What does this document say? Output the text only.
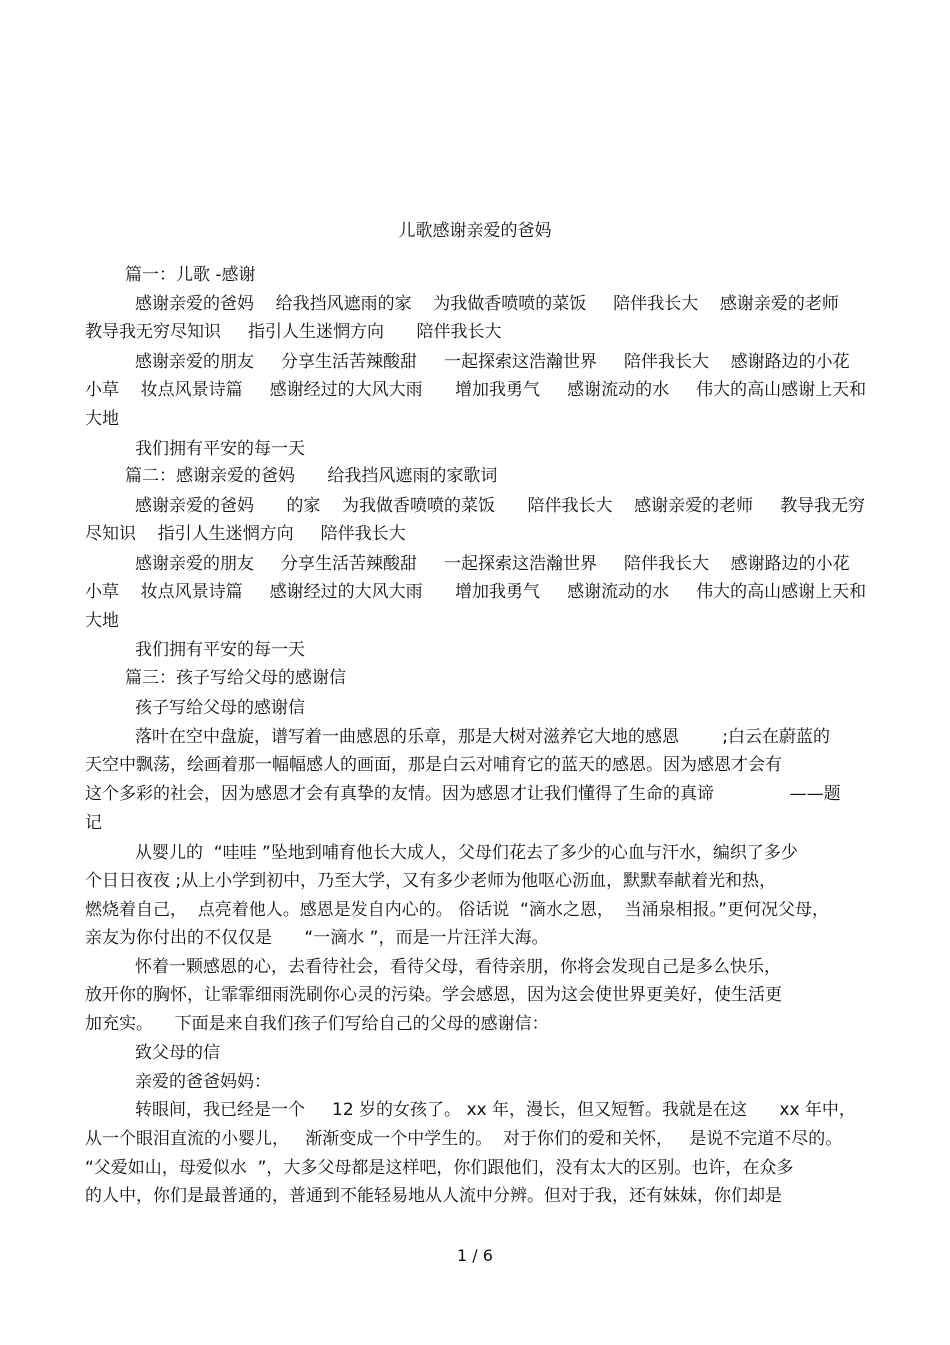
儿歌感谢亲爱的爸妈
篇一：儿歌 -感谢
感谢亲爱的爸妈    给我挡风遮雨的家    为我做香喷喷的菜饭     陪伴我长大    感谢亲爱的老师
教导我无穷尽知识     指引人生迷惘方向      陪伴我长大
感谢亲爱的朋友     分享生活苦辣酸甜     一起探索这浩瀚世界     陪伴我长大    感谢路边的小花
小草    妆点风景诗篇     感谢经过的大风大雨      增加我勇气     感谢流动的水     伟大的高山感谢上天和
大地
我们拥有平安的每一天
篇二：感谢亲爱的爸妈      给我挡风遮雨的家歌词
感谢亲爱的爸妈      的家    为我做香喷喷的菜饭      陪伴我长大    感谢亲爱的老师     教导我无穷
尽知识    指引人生迷惘方向     陪伴我长大
感谢亲爱的朋友     分享生活苦辣酸甜     一起探索这浩瀚世界     陪伴我长大    感谢路边的小花
小草    妆点风景诗篇     感谢经过的大风大雨      增加我勇气     感谢流动的水     伟大的高山感谢上天和
大地
我们拥有平安的每一天
篇三：孩子写给父母的感谢信
孩子写给父母的感谢信
落叶在空中盘旋，谱写着一曲感恩的乐章，那是大树对滋养它大地的感恩        ;白云在蔚蓝的
天空中飘荡，绘画着那一幅幅感人的画面，那是白云对哺育它的蓝天的感恩。因为感恩才会有
这个多彩的社会，因为感恩才会有真挚的友情。因为感恩才让我们懂得了生命的真谛              ——题
记
从婴儿的  “哇哇 ”坠地到哺育他长大成人，父母们花去了多少的心血与汗水，编织了多少
个日日夜夜 ;从上小学到初中，乃至大学，又有多少老师为他呕心沥血，默默奉献着光和热，
燃烧着自己，  点亮着他人。感恩是发自内心的。 俗话说  “滴水之恩，  当涌泉相报。”更何况父母，
亲友为你付出的不仅仅是      “一滴水 ”，而是一片汪洋大海。
怀着一颗感恩的心，去看待社会，看待父母，看待亲朋，你将会发现自己是多么快乐，
放开你的胸怀，让霏霏细雨洗刷你心灵的污染。学会感恩，因为这会使世界更美好，使生活更
加充实。    下面是来自我们孩子们写给自己的父母的感谢信：
致父母的信
亲爱的爸爸妈妈：
转眼间，我已经是一个     12 岁的女孩了。 xx 年，漫长，但又短暂。我就是在这      xx 年中，
从一个眼泪直流的小婴儿，   渐渐变成一个中学生的。  对于你们的爱和关怀，   是说不完道不尽的。
“父爱如山，母爱似水  ”，大多父母都是这样吧，你们跟他们，没有太大的区别。也许，在众多
的人中，你们是最普通的，普通到不能轻易地从人流中分辨。但对于我，还有妹妹，你们却是
1 / 6
